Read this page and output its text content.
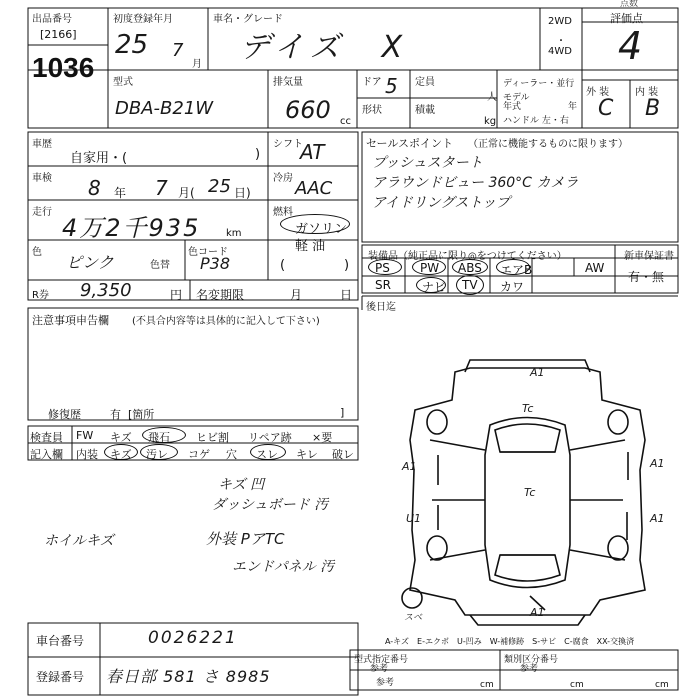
出品番号
[2166]
1036
初度登録年月
25 7
月
車名・グレード
デイズ　X
2WD
・
4WD
評価点
4
点数
型式
DBA-B21W
排気量
660 cc
ドア 5
形状
定員
人
積載
kg
ディーラー・並行
モデル
年式	年
ハンドル 左・右
外 装	内 装
C B
車歴
自家用・(	)
シフト
AT
車検 8 年 7 月( 25 日)
冷房 AAC
走行
4万2千935	km
燃料
ガソリン
軽 油
(	)
色
ピンク	色替
色コード
P38
R券 9,350	円 名変期限	月	日
セールスポイント （正常に機能するものに限ります）
プッシュスタート
アラウンドビュー 360°C カメラ
アイドリングストップ
装備品（純正品に限り◎をつけてください）	新車保証書
有・無
PS	PW ABS エアB	AW
SR	ナビ TV カワ
後日迄
注意事項申告欄 (不具合内容等は具体的に記入して下さい)
修復歴	有 [箇所	]
検査員
記入欄
FW キズ 飛石 ヒビ割 リペア跡 ×要
内装 キズ 汚レ コゲ 穴 スレ キレ 破レ
キズ 凹
ダッシュボード 汚
外装 PアTC
エンドパネル 汚
ホイルキズ
Tc
A1	A1
U1
Tc
A1
A1
A1
スベ
A-キズ　E-エクボ　U-凹み　W-補修跡　S-サビ　C-腐食　XX-交換済
車台番号	0026221
登録番号 春日部 581 さ 8985
型式指定番号
参考
類別区分番号
参考
参考	cm	cm	cm
